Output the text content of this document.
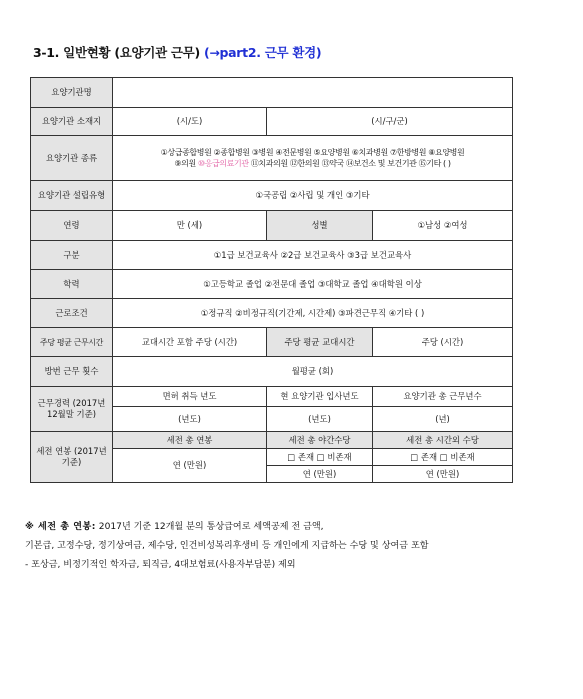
3-1. 일반현황 (요양기관 근무) (→part2. 근무 환경)
요양기관명			
요양기관 소재지	(시/도)	(시/구/군)	
요양기관 종류	①상급종합병원 ②종합병원 ③병원 ④전문병원 ⑤요양병원 ⑥치과병원 ⑦한방병원 ⑧요양병원
⑨의원 ⑩응급의료기관 ⑪치과의원 ⑫한의원 ⑬약국 ⑭보건소 및 보건기관 ⑮기타 ( )		

요양기관 설립유형	①국공립 ②사립 및 개인 ③기타		
연령	만 (세)	성별	①남성 ②여성
구분	①1급 보건교육사 ②2급 보건교육사 ③3급 보건교육사		
학력	①고등학교 졸업 ②전문대 졸업 ③대학교 졸업 ④대학원 이상		
근로조건	①정규직 ②비정규직(기간제, 시간제) ③파견근무직 ④기타 ( )		
주당 평균 근무시간	교대시간 포함 주당 (시간)	주당 평균 교대시간	주당 (시간)
방번 근무 횟수	월평균 (회)		
근무경력 (2017년12월말 기준)	면허 취득 년도	현 요양기관 입사년도	요양기관 총 근무년수
	(년도)	(년도)	(년)
세전 연봉 (2017년 기준)	세전 총 연봉	세전 총 야간수당	세전 총 시간외 수당
	연 (만원)	□ 존재 □ 비존재	□ 존재 □ 비존재
		연 (만원)	연 (만원)
※ 세전 총 연봉: 2017년 기준 12개월 분의 통상급여로 세액공제 전 금액,
기본급, 고정수당, 정기상여금, 제수당, 인건비성복리후생비 등 개인에게 지급하는 수당 및 상여금 포함
- 포상금, 비정기적인 학자금, 퇴직금, 4대보험료(사용자부담분) 제외
